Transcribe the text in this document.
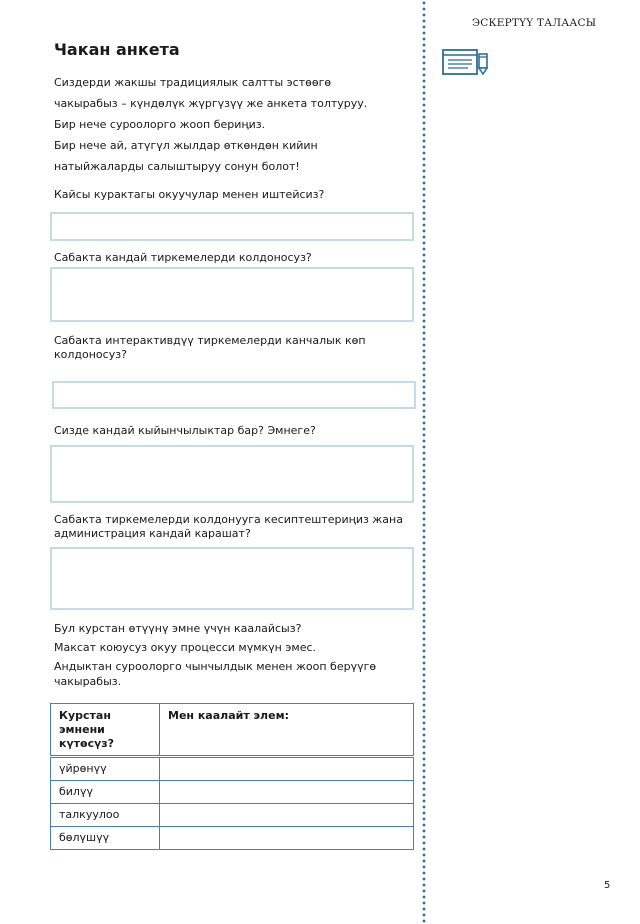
ЭСКЕРТҮҮ ТАЛААСЫ
Чакан анкета
Сиздерди жакшы традициялык салтты эстөөгө
чакырабыз – күндөлүк жүргүзүү же анкета толтуруу.
Бир нече суроолорго жооп бериңиз.
Бир нече ай, атүгүл жылдар өткөндөн кийин
натыйжаларды салыштыруу сонун болот!
Кайсы курактагы окуучулар менен иштейсиз?
Сабакта кандай тиркемелерди колдоносуз?
Сабакта интерактивдүү тиркемелерди канчалык көп колдоносуз?
Сизде кандай кыйынчылыктар бар? Эмнеге?
Сабакта тиркемелерди колдонууга кесиптештериңиз жана администрация кандай карашат?
Бул курстан өтүүнү эмне үчүн каалайсыз?
Максат коюусуз окуу процесси мүмкүн эмес.
Андыктан суроолорго чынчылдык менен жооп берүүгө чакырабыз.
Курстан эмнени күтөсүз?	Мен каалайт элем:
үйрөнүү	
билүү	
талкуулоо	
бөлүшүү	
5
